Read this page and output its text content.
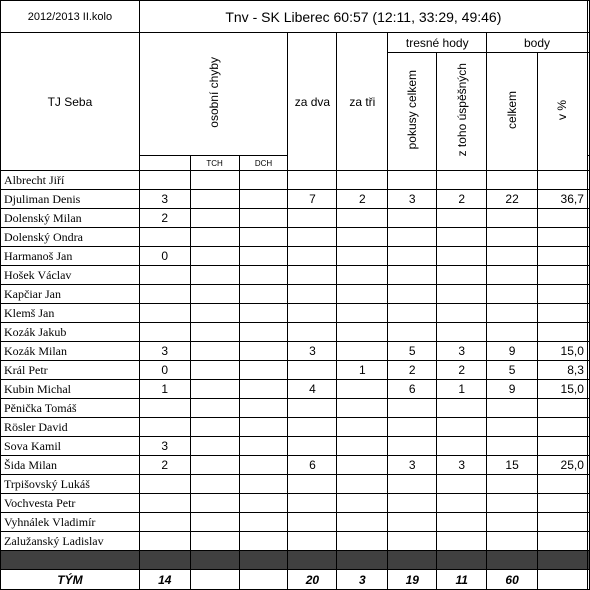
2012/2013 II.kolo	Tnv - SK Liberec 60:57 (12:11, 33:29, 49:46)									
TJ Seba	osobní chyby			za dva	za tři	tresné hody		body		
						pokusy celkem	z toho úspěšných	celkem	v %	
		TCH	DCH							
Albrecht Jiří										
Djuliman Denis	3			7	2	3	2	22	36,7	
Dolenský Milan	2									
Dolenský Ondra										
Harmanoš Jan	0									
Hošek Václav										
Kapčiar Jan										
Klemš Jan										
Kozák Jakub										
Kozák Milan	3			3		5	3	9	15,0	
Král Petr	0				1	2	2	5	8,3	
Kubin Michal	1			4		6	1	9	15,0	
Pěnička Tomáš										
Rösler David										
Sova Kamil	3									
Šida Milan	2			6		3	3	15	25,0	
Trpišovský Lukáš										
Vochvesta Petr										
Vyhnálek Vladimír										
Zalužanský Ladislav										

TÝM	14			20	3	19	11	60		
